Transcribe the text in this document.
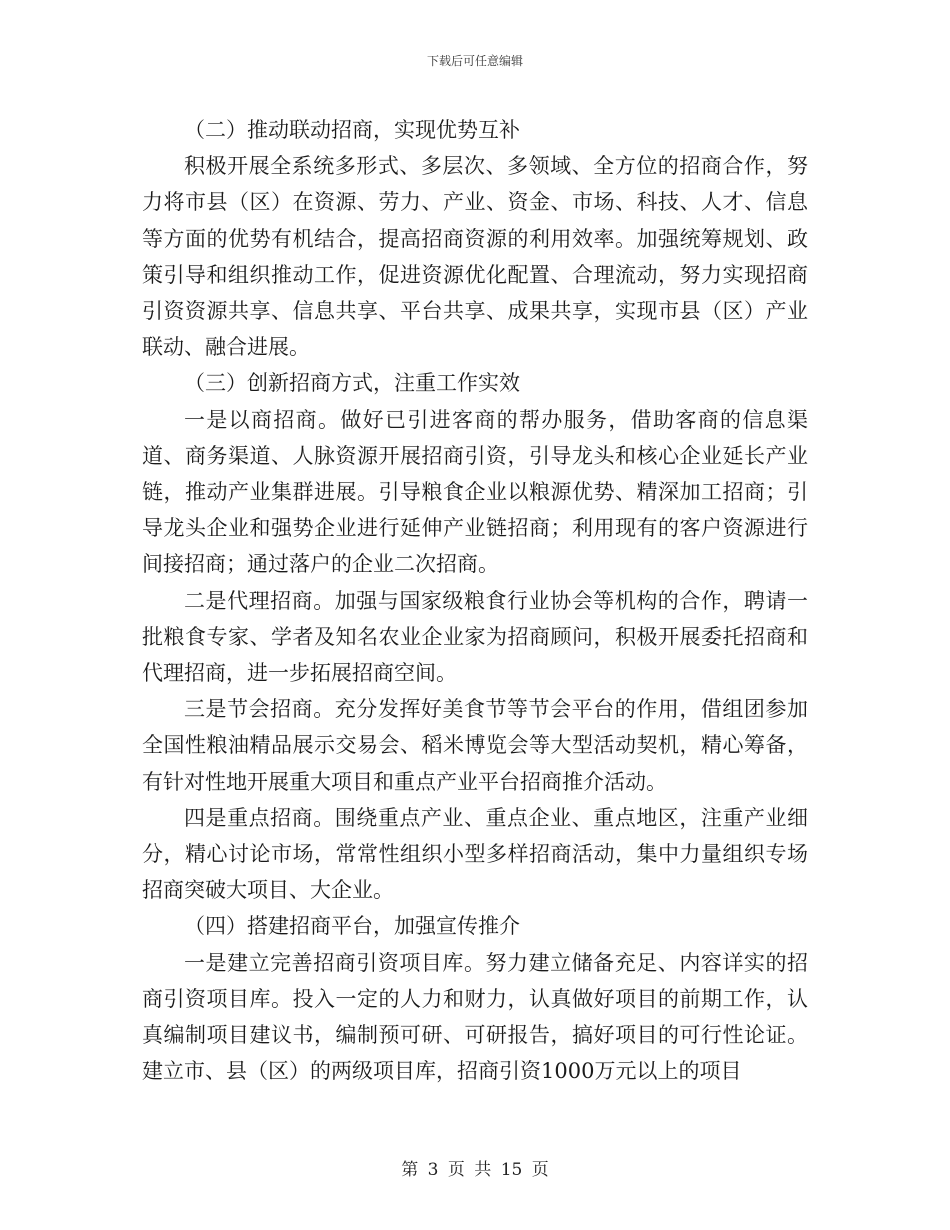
下载后可任意编辑

（二）推动联动招商，实现优势互补

积极开展全系统多形式、多层次、多领域、全方位的招商合作，努力将市县（区）在资源、劳力、产业、资金、市场、科技、人才、信息等方面的优势有机结合，提高招商资源的利用效率。加强统筹规划、政策引导和组织推动工作，促进资源优化配置、合理流动，努力实现招商引资资源共享、信息共享、平台共享、成果共享，实现市县（区）产业联动、融合进展。

（三）创新招商方式，注重工作实效

一是以商招商。做好已引进客商的帮办服务，借助客商的信息渠道、商务渠道、人脉资源开展招商引资，引导龙头和核心企业延长产业链，推动产业集群进展。引导粮食企业以粮源优势、精深加工招商；引导龙头企业和强势企业进行延伸产业链招商；利用现有的客户资源进行间接招商；通过落户的企业二次招商。

二是代理招商。加强与国家级粮食行业协会等机构的合作，聘请一批粮食专家、学者及知名农业企业家为招商顾问，积极开展委托招商和代理招商，进一步拓展招商空间。

三是节会招商。充分发挥好美食节等节会平台的作用，借组团参加全国性粮油精品展示交易会、稻米博览会等大型活动契机，精心筹备，有针对性地开展重大项目和重点产业平台招商推介活动。

四是重点招商。围绕重点产业、重点企业、重点地区，注重产业细分，精心讨论市场，常常性组织小型多样招商活动，集中力量组织专场招商突破大项目、大企业。

（四）搭建招商平台，加强宣传推介

一是建立完善招商引资项目库。努力建立储备充足、内容详实的招商引资项目库。投入一定的人力和财力，认真做好项目的前期工作，认真编制项目建议书，编制预可研、可研报告，搞好项目的可行性论证。建立市、县（区）的两级项目库，招商引资1000万元以上的项目

第 3 页 共 15 页
